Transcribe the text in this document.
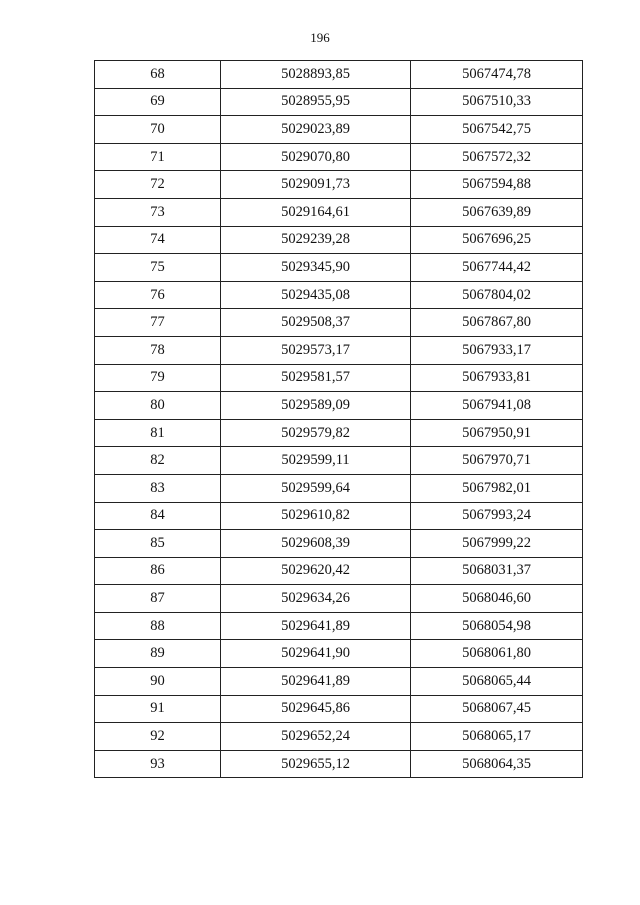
196
68	5028893,85	5067474,78
69	5028955,95	5067510,33
70	5029023,89	5067542,75
71	5029070,80	5067572,32
72	5029091,73	5067594,88
73	5029164,61	5067639,89
74	5029239,28	5067696,25
75	5029345,90	5067744,42
76	5029435,08	5067804,02
77	5029508,37	5067867,80
78	5029573,17	5067933,17
79	5029581,57	5067933,81
80	5029589,09	5067941,08
81	5029579,82	5067950,91
82	5029599,11	5067970,71
83	5029599,64	5067982,01
84	5029610,82	5067993,24
85	5029608,39	5067999,22
86	5029620,42	5068031,37
87	5029634,26	5068046,60
88	5029641,89	5068054,98
89	5029641,90	5068061,80
90	5029641,89	5068065,44
91	5029645,86	5068067,45
92	5029652,24	5068065,17
93	5029655,12	5068064,35
